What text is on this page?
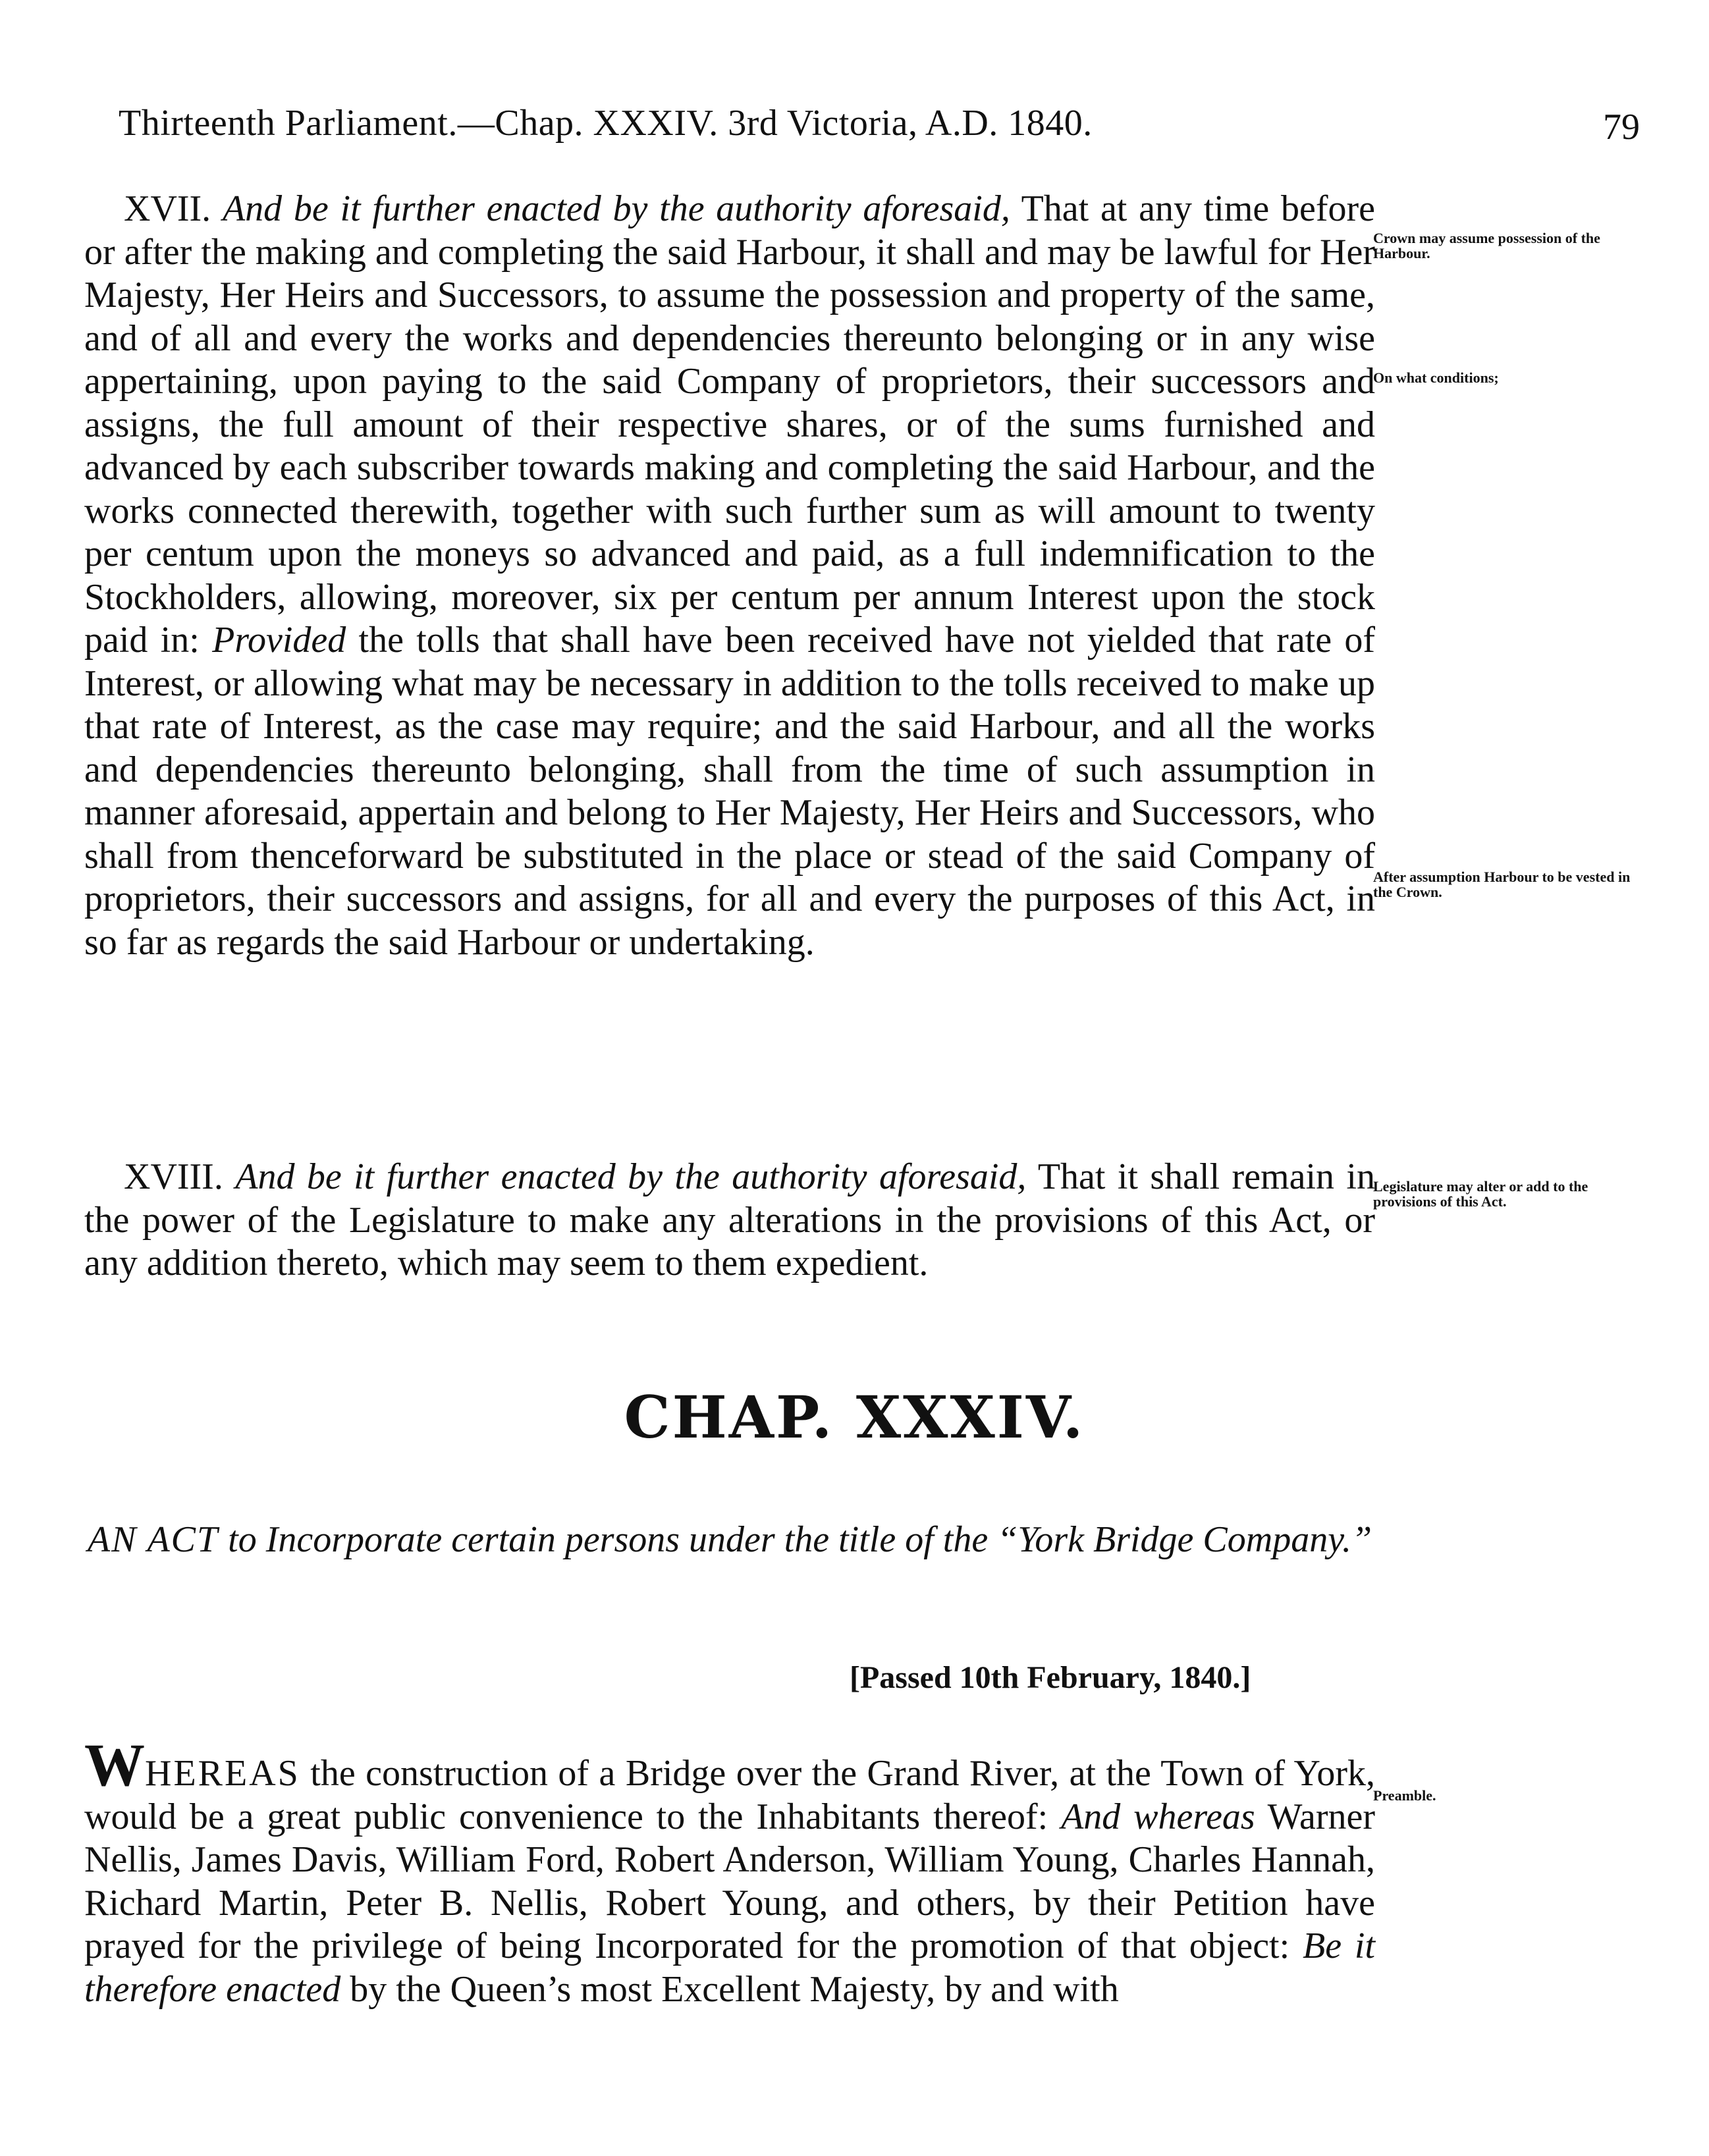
Thirteenth Parliament.—Chap. XXXIV. 3rd Victoria, A.D. 1840.	79

XVII. And be it further enacted by the authority aforesaid, That at any time before or after the making and completing the said Harbour, it shall and may be lawful for Her Majesty, Her Heirs and Successors, to assume the possession and property of the same, and of all and every the works and dependencies thereunto belonging or in any wise appertaining, upon paying to the said Company of proprietors, their successors and assigns, the full amount of their respective shares, or of the sums furnished and advanced by each subscriber towards making and completing the said Harbour, and the works connected therewith, together with such further sum as will amount to twenty per centum upon the moneys so advanced and paid, as a full indemnification to the Stockholders, allowing, moreover, six per centum per annum Interest upon the stock paid in: Provided the tolls that shall have been received have not yielded that rate of Interest, or allowing what may be necessary in addition to the tolls received to make up that rate of Interest, as the case may require; and the said Harbour, and all the works and dependencies thereunto belonging, shall from the time of such assumption in manner aforesaid, appertain and belong to Her Majesty, Her Heirs and Successors, who shall from thenceforward be substituted in the place or stead of the said Company of proprietors, their successors and assigns, for all and every the purposes of this Act, in so far as regards the said Harbour or undertaking.

Crown may assume possession of the Harbour.
On what conditions;
After assumption Harbour to be vested in the Crown.

XVIII. And be it further enacted by the authority aforesaid, That it shall remain in the power of the Legislature to make any alterations in the provisions of this Act, or any addition thereto, which may seem to them expedient.

Legislature may alter or add to the provisions of this Act.
CHAP. XXXIV.
AN ACT to Incorporate certain persons under the title of the “York Bridge Company.”
[Passed 10th February, 1840.]

WHEREAS the construction of a Bridge over the Grand River, at the Town of York, would be a great public convenience to the Inhabitants thereof: And whereas Warner Nellis, James Davis, William Ford, Robert Anderson, William Young, Charles Hannah, Richard Martin, Peter B. Nellis, Robert Young, and others, by their Petition have prayed for the privilege of being Incorporated for the promotion of that object: Be it therefore enacted by the Queen’s most Excellent Majesty, by and with

Preamble.
